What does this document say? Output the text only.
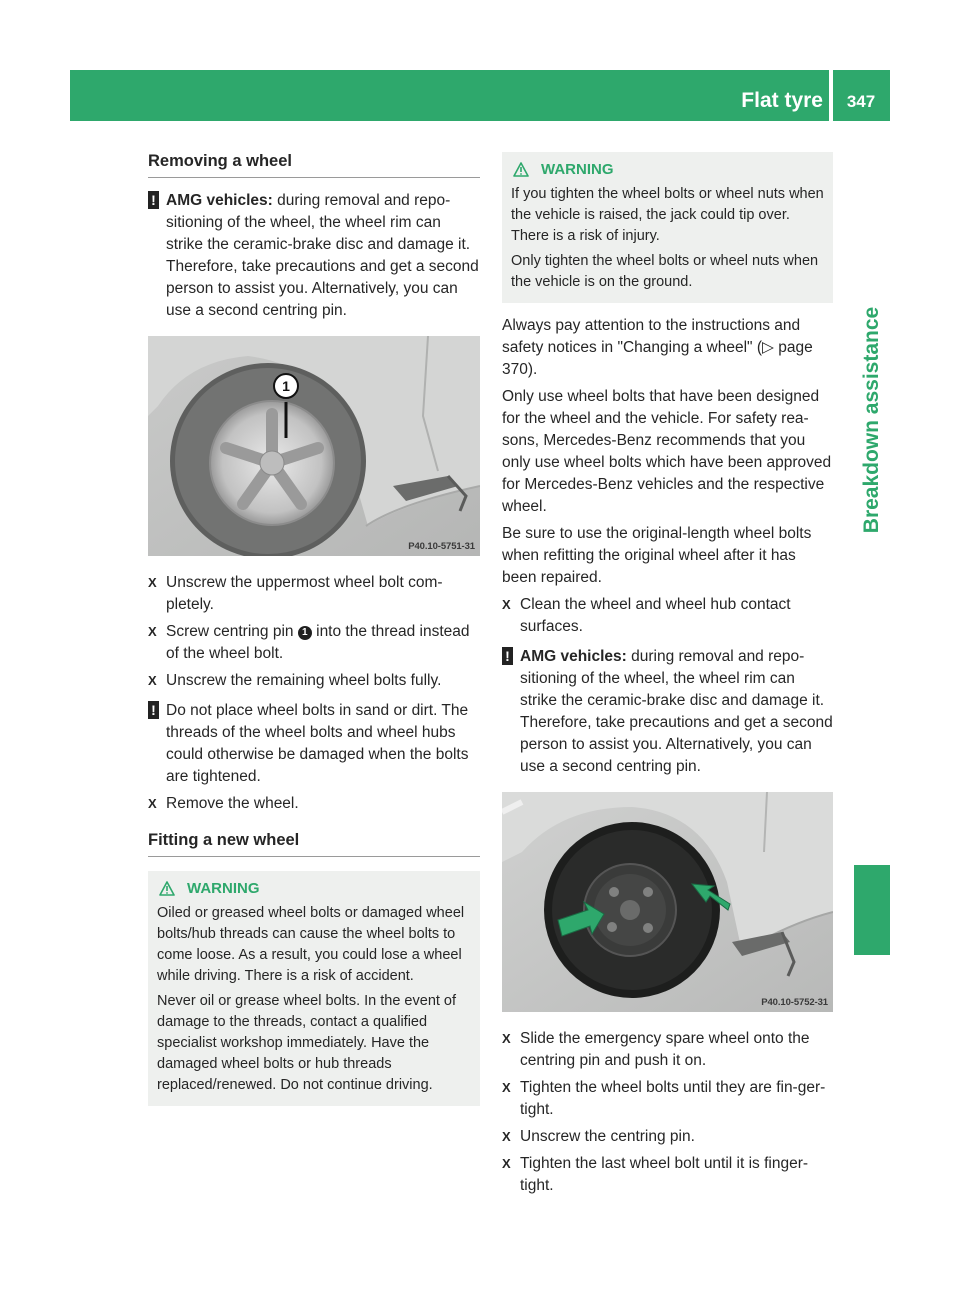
Flat tyre	347
Breakdown assistance
Removing a wheel
! AMG vehicles: during removal and repo-sitioning of the wheel, the wheel rim can strike the ceramic-brake disc and damage it. Therefore, take precautions and get a second person to assist you. Alternatively, you can use a second centring pin.
1
P40.10-5751-31
X Unscrew the uppermost wheel bolt com-pletely.
X Screw centring pin 1 into the thread instead of the wheel bolt.
X Unscrew the remaining wheel bolts fully.
! Do not place wheel bolts in sand or dirt. The threads of the wheel bolts and wheel hubs could otherwise be damaged when the bolts are tightened.
X Remove the wheel.
Fitting a new wheel
WARNING

Oiled or greased wheel bolts or damaged wheel bolts/hub threads can cause the wheel bolts to come loose. As a result, you could lose a wheel while driving. There is a risk of accident.

Never oil or grease wheel bolts. In the event of damage to the threads, contact a qualified specialist workshop immediately. Have the damaged wheel bolts or hub threads replaced/renewed. Do not continue driving.

WARNING

If you tighten the wheel bolts or wheel nuts when the vehicle is raised, the jack could tip over. There is a risk of injury.

Only tighten the wheel bolts or wheel nuts when the vehicle is on the ground.

Always pay attention to the instructions and safety notices in "Changing a wheel" (▷ page 370).

Only use wheel bolts that have been designed for the wheel and the vehicle. For safety rea-sons, Mercedes-Benz recommends that you only use wheel bolts which have been approved for Mercedes-Benz vehicles and the respective wheel.

Be sure to use the original-length wheel bolts when refitting the original wheel after it has been repaired.

X Clean the wheel and wheel hub contact surfaces.
! AMG vehicles: during removal and repo-sitioning of the wheel, the wheel rim can strike the ceramic-brake disc and damage it. Therefore, take precautions and get a second person to assist you. Alternatively, you can use a second centring pin.
P40.10-5752-31
X Slide the emergency spare wheel onto the centring pin and push it on.
X Tighten the wheel bolts until they are fin-ger-tight.
X Unscrew the centring pin.
X Tighten the last wheel bolt until it is finger-tight.
